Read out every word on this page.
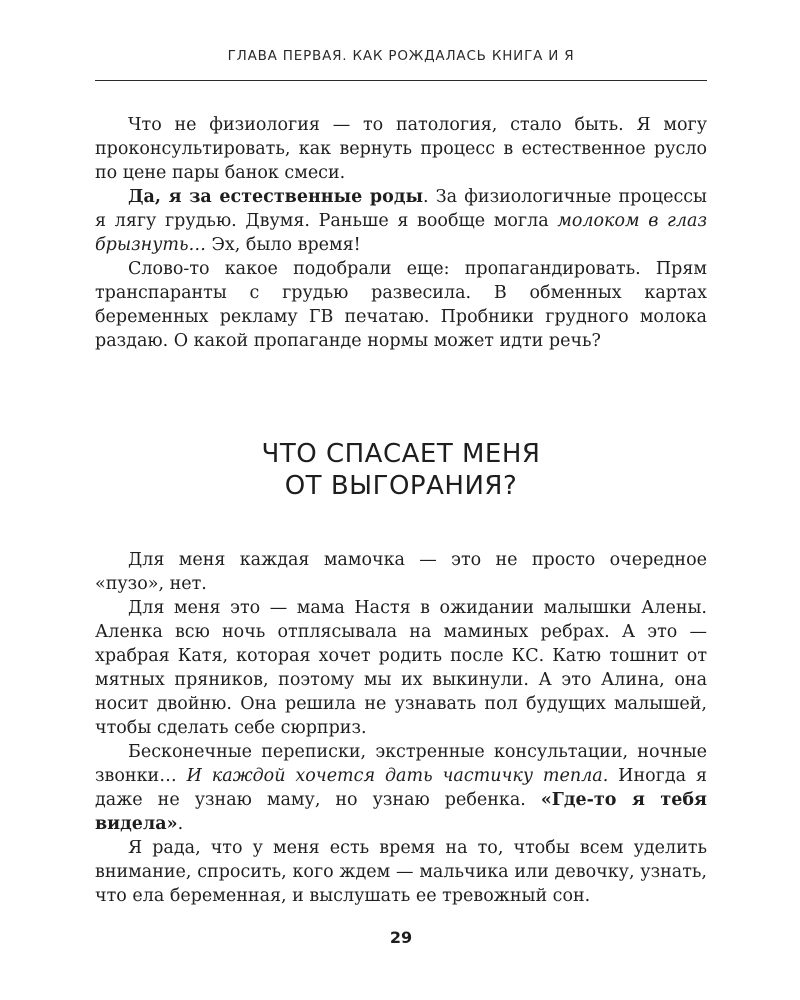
ГЛАВА ПЕРВАЯ. КАК РОЖДАЛАСЬ КНИГА И Я

Что не физиология — то патология, стало быть. Я могу проконсультировать, как вернуть процесс в естественное русло по цене пары банок смеси.

Да, я за естественные роды. За физиологичные процессы я лягу грудью. Двумя. Раньше я вообще могла молоком в глаз брызнуть… Эх, было время!

Слово-то какое подобрали еще: пропагандировать. Прям транспаранты с грудью развесила. В обменных картах беременных рекламу ГВ печатаю. Пробники грудного молока раздаю. О какой пропаганде нормы может идти речь?

ЧТО СПАСАЕТ МЕНЯ
ОТ ВЫГОРАНИЯ?

Для меня каждая мамочка — это не просто очередное «пузо», нет.

Для меня это — мама Настя в ожидании малышки Алены. Аленка всю ночь отплясывала на маминых ребрах. А это — храбрая Катя, которая хочет родить после КС. Катю тошнит от мятных пряников, поэтому мы их выкинули. А это Алина, она носит двойню. Она решила не узнавать пол будущих малышей, чтобы сделать себе сюрприз.

Бесконечные переписки, экстренные консультации, ночные звонки… И каждой хочется дать частичку тепла. Иногда я даже не узнаю маму, но узнаю ребенка. «Где-то я тебя видела».

Я рада, что у меня есть время на то, чтобы всем уделить внимание, спросить, кого ждем — мальчика или девочку, узнать, что ела беременная, и выслушать ее тревожный сон.

29
